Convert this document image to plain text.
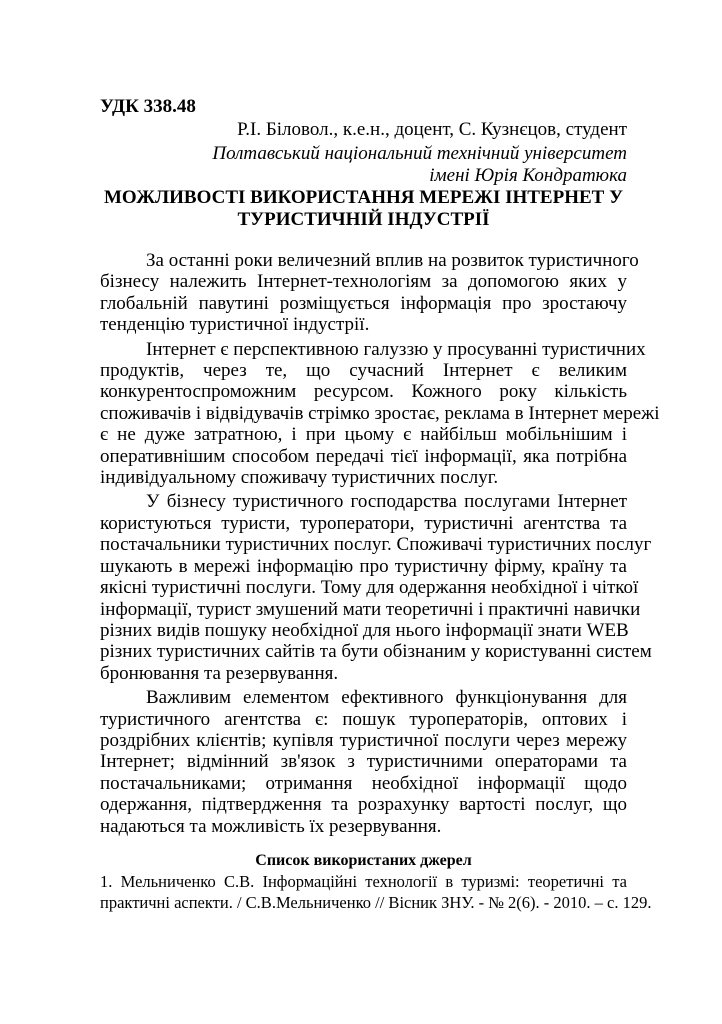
УДК 338.48
Р.І. Біловол., к.е.н., доцент, С. Кузнєцов, студент
Полтавський національний технічний університет
імені Юрія Кондратюка
МОЖЛИВОСТІ ВИКОРИСТАННЯ МЕРЕЖІ ІНТЕРНЕТ У
ТУРИСТИЧНІЙ ІНДУСТРІЇ
За останні роки величезний вплив на розвиток туристичного
бізнесу належить Інтернет-технологіям за допомогою яких у
глобальній павутині розміщується інформація про зростаючу
тенденцію туристичної індустрії.
Інтернет є перспективною галуззю у просуванні туристичних
продуктів, через те, що сучасний Інтернет є великим
конкурентоспроможним ресурсом. Кожного року кількість
споживачів і відвідувачів стрімко зростає, реклама в Інтернет мережі
є не дуже затратною, і при цьому є найбільш мобільнішим і
оперативнішим способом передачі тієї інформації, яка потрібна
індивідуальному споживачу туристичних послуг.
У бізнесу туристичного господарства послугами Інтернет
користуються туристи, туроператори, туристичні агентства та
постачальники туристичних послуг. Споживачі туристичних послуг
шукають в мережі інформацію про туристичну фірму, країну та
якісні туристичні послуги. Тому для одержання необхідної і чіткої
інформації, турист змушений мати теоретичні і практичні навички
різних видів пошуку необхідної для нього інформації знати WEB
різних туристичних сайтів та бути обізнаним у користуванні систем
бронювання та резервування.
Важливим елементом ефективного функціонування для
туристичного агентства є: пошук туроператорів, оптових і
роздрібних клієнтів; купівля туристичної послуги через мережу
Інтернет; відмінний зв'язок з туристичними операторами та
постачальниками; отримання необхідної інформації щодо
одержання, підтвердження та розрахунку вартості послуг, що
надаються та можливість їх резервування.
Список використаних джерел
1. Мельниченко С.В. Інформаційні технології в туризмі: теоретичні та
практичні аспекти. / С.В.Мельниченко // Вісник ЗНУ. - № 2(6). - 2010. – с. 129.
